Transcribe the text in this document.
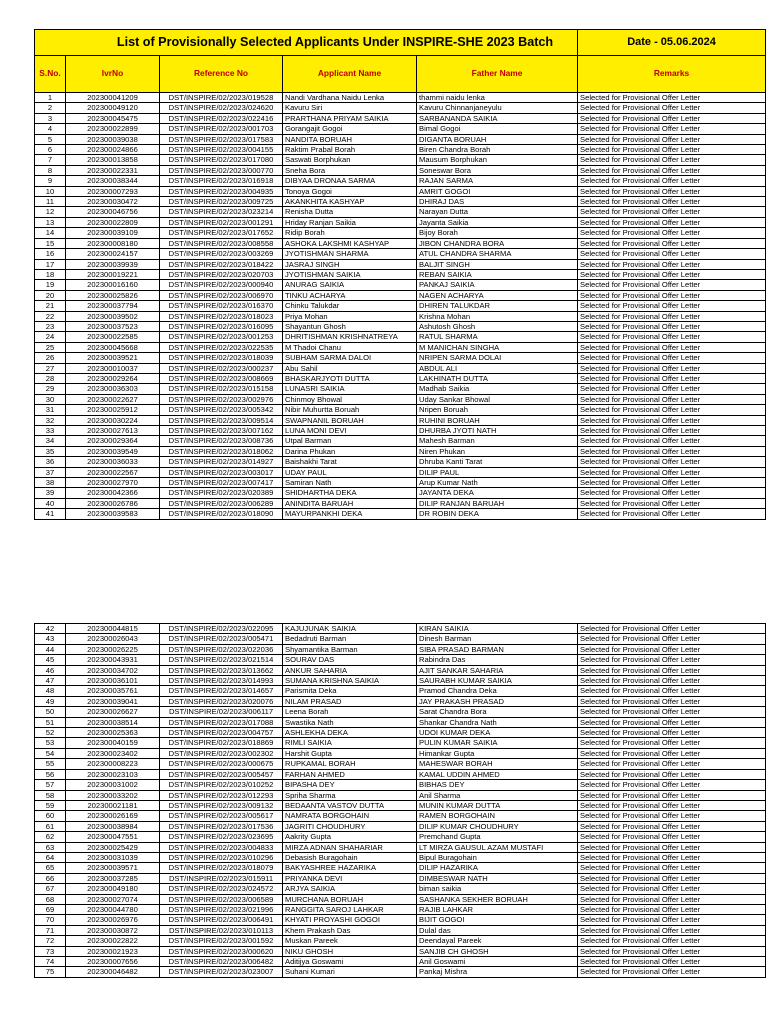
List of Provisionally Selected Applicants Under INSPIRE-SHE 2023 Batch					Date - 05.06.2024
S.No.	IvrNo	Reference No	Applicant Name	Father Name	Remarks
1	202300041209	DST/INSPIRE/02/2023/019528	Nandi Vardhana Naidu Lenka	thammi naidu lenka	Selected for Provisional Offer Letter
2	202300049120	DST/INSPIRE/02/2023/024620	Kavuru Siri	Kavuru Chinnanjaneyulu	Selected for Provisional Offer Letter
3	202300045475	DST/INSPIRE/02/2023/022416	PRARTHANA PRIYAM SAIKIA	SARBANANDA SAIKIA	Selected for Provisional Offer Letter
4	202300022899	DST/INSPIRE/02/2023/001703	Gorangajit Gogoi	Bimal Gogoi	Selected for Provisional Offer Letter
5	202300039038	DST/INSPIRE/02/2023/017583	NANDITA BORUAH	DIGANTA BORUAH	Selected for Provisional Offer Letter
6	202300024866	DST/INSPIRE/02/2023/004155	Raktim Prabal Borah	Biren Chandra Borah	Selected for Provisional Offer Letter
7	202300013858	DST/INSPIRE/02/2023/017080	Saswati Borphukan	Mausum Borphukan	Selected for Provisional Offer Letter
8	202300022331	DST/INSPIRE/02/2023/000770	Sneha Bora	Soneswar Bora	Selected for Provisional Offer Letter
9	202300038344	DST/INSPIRE/02/2023/016918	DIBYAA DRONAA SARMA	RAJAN SARMA	Selected for Provisional Offer Letter
10	202300007293	DST/INSPIRE/02/2023/004935	Tonoya Gogoi	AMRIT GOGOI	Selected for Provisional Offer Letter
11	202300030472	DST/INSPIRE/02/2023/009725	AKANKHITA KASHYAP	DHIRAJ DAS	Selected for Provisional Offer Letter
12	202300046756	DST/INSPIRE/02/2023/023214	Renisha Dutta	Narayan Dutta	Selected for Provisional Offer Letter
13	202300022809	DST/INSPIRE/02/2023/001291	Hriday Ranjan Saikia	Jayanta Saikia	Selected for Provisional Offer Letter
14	202300039109	DST/INSPIRE/02/2023/017652	Ridip Borah	Bijoy Borah	Selected for Provisional Offer Letter
15	202300008180	DST/INSPIRE/02/2023/008558	ASHOKA LAKSHMI KASHYAP	JIBON CHANDRA BORA	Selected for Provisional Offer Letter
16	202300024157	DST/INSPIRE/02/2023/003269	JYOTISHMAN SHARMA	ATUL CHANDRA SHARMA	Selected for Provisional Offer Letter
17	202300039939	DST/INSPIRE/02/2023/018422	JASRAJ SINGH	BALJIT SINGH	Selected for Provisional Offer Letter
18	202300019221	DST/INSPIRE/02/2023/020703	JYOTISHMAN SAIKIA	REBAN SAIKIA	Selected for Provisional Offer Letter
19	202300016160	DST/INSPIRE/02/2023/000940	ANURAG SAIKIA	PANKAJ SAIKIA	Selected for Provisional Offer Letter
20	202300025826	DST/INSPIRE/02/2023/006970	TINKU ACHARYA	NAGEN ACHARYA	Selected for Provisional Offer Letter
21	202300037794	DST/INSPIRE/02/2023/016370	Chinku Talukdar	DHIREN TALUKDAR	Selected for Provisional Offer Letter
22	202300039502	DST/INSPIRE/02/2023/018023	Priya Mohan	Krishna Mohan	Selected for Provisional Offer Letter
23	202300037523	DST/INSPIRE/02/2023/016095	Shayantun Ghosh	Ashutosh Ghosh	Selected for Provisional Offer Letter
24	202300022585	DST/INSPIRE/02/2023/001253	DHRITISHMAN KRISHNATREYA	RATUL SHARMA	Selected for Provisional Offer Letter
25	202300045668	DST/INSPIRE/02/2023/022535	M Thadoi Chanu	M MANICHAN SINGHA	Selected for Provisional Offer Letter
26	202300039521	DST/INSPIRE/02/2023/018039	SUBHAM SARMA DALOI	NRIPEN SARMA DOLAI	Selected for Provisional Offer Letter
27	202300010037	DST/INSPIRE/02/2023/000237	Abu Sahil	ABDUL ALI	Selected for Provisional Offer Letter
28	202300029264	DST/INSPIRE/02/2023/008669	BHASKARJYOTI DUTTA	LAKHINATH DUTTA	Selected for Provisional Offer Letter
29	202300036303	DST/INSPIRE/02/2023/015158	LUNASRI SAIKIA	Madhab Saikia	Selected for Provisional Offer Letter
30	202300022627	DST/INSPIRE/02/2023/002976	Chinmoy Bhowal	Uday Sankar Bhowal	Selected for Provisional Offer Letter
31	202300025912	DST/INSPIRE/02/2023/005342	Nibir Muhurtta Boruah	Nripen Boruah	Selected for Provisional Offer Letter
32	202300030224	DST/INSPIRE/02/2023/009514	SWAPNANIL BORUAH	RUHINI BORUAH	Selected for Provisional Offer Letter
33	202300027613	DST/INSPIRE/02/2023/007162	LUNA MONI DEVI	DHURBA JYOTI NATH	Selected for Provisional Offer Letter
34	202300029364	DST/INSPIRE/02/2023/008736	Utpal Barman	Mahesh Barman	Selected for Provisional Offer Letter
35	202300039549	DST/INSPIRE/02/2023/018062	Darina Phukan	Niren Phukan	Selected for Provisional Offer Letter
36	202300036033	DST/INSPIRE/02/2023/014927	Baishakhi Tarat	Dhruba Kanti Tarat	Selected for Provisional Offer Letter
37	202300022567	DST/INSPIRE/02/2023/003017	UDAY PAUL	DILIP PAUL	Selected for Provisional Offer Letter
38	202300027970	DST/INSPIRE/02/2023/007417	Samiran Nath	Arup Kumar Nath	Selected for Provisional Offer Letter
39	202300042366	DST/INSPIRE/02/2023/020389	SHIDHARTHA DEKA	JAYANTA DEKA	Selected for Provisional Offer Letter
40	202300026786	DST/INSPIRE/02/2023/006289	ANINDITA BARUAH	DILIP RANJAN BARUAH	Selected for Provisional Offer Letter
41	202300039583	DST/INSPIRE/02/2023/018090	MAYURPANKHI DEKA	DR ROBIN DEKA	Selected for Provisional Offer Letter
42	202300044815	DST/INSPIRE/02/2023/022095	KAJUJUNAK SAIKIA	KIRAN SAIKIA	Selected for Provisional Offer Letter
43	202300026043	DST/INSPIRE/02/2023/005471	Bedadruti Barman	Dinesh Barman	Selected for Provisional Offer Letter
44	202300026225	DST/INSPIRE/02/2023/022036	Shyamantika Barman	SIBA PRASAD BARMAN	Selected for Provisional Offer Letter
45	202300043931	DST/INSPIRE/02/2023/021514	SOURAV DAS	Rabindra Das	Selected for Provisional Offer Letter
46	202300034702	DST/INSPIRE/02/2023/013662	ANKUR SAHARIA	AJIT SANKAR SAHARIA	Selected for Provisional Offer Letter
47	202300036101	DST/INSPIRE/02/2023/014993	SUMANA KRISHNA SAIKIA	SAURABH KUMAR SAIKIA	Selected for Provisional Offer Letter
48	202300035761	DST/INSPIRE/02/2023/014657	Parismita Deka	Pramod Chandra Deka	Selected for Provisional Offer Letter
49	202300039041	DST/INSPIRE/02/2023/020076	NILAM PRASAD	JAY PRAKASH PRASAD	Selected for Provisional Offer Letter
50	202300026627	DST/INSPIRE/02/2023/006117	Leena Borah	Sarat Chandra Bora	Selected for Provisional Offer Letter
51	202300038514	DST/INSPIRE/02/2023/017088	Swastika Nath	Shankar Chandra Nath	Selected for Provisional Offer Letter
52	202300025363	DST/INSPIRE/02/2023/004757	ASHLEKHA DEKA	UDOI KUMAR DEKA	Selected for Provisional Offer Letter
53	202300040159	DST/INSPIRE/02/2023/018869	RIMLI SAIKIA	PULIN KUMAR SAIKIA	Selected for Provisional Offer Letter
54	202300023402	DST/INSPIRE/02/2023/002302	Harshit Gupta	Himankar Gupta	Selected for Provisional Offer Letter
55	202300008223	DST/INSPIRE/02/2023/000675	RUPKAMAL BORAH	MAHESWAR BORAH	Selected for Provisional Offer Letter
56	202300023103	DST/INSPIRE/02/2023/005457	FARHAN AHMED	KAMAL UDDIN AHMED	Selected for Provisional Offer Letter
57	202300031002	DST/INSPIRE/02/2023/010252	BIPASHA DEY	BIBHAS DEY	Selected for Provisional Offer Letter
58	202300033202	DST/INSPIRE/02/2023/012293	Spriha Sharma	Anil Sharma	Selected for Provisional Offer Letter
59	202300021181	DST/INSPIRE/02/2023/009132	BEDAANTA VASTOV DUTTA	MUNIN KUMAR DUTTA	Selected for Provisional Offer Letter
60	202300026169	DST/INSPIRE/02/2023/005617	NAMRATA BORGOHAIN	RAMEN BORGOHAIN	Selected for Provisional Offer Letter
61	202300038984	DST/INSPIRE/02/2023/017536	JAGRITI CHOUDHURY	DILIP KUMAR CHOUDHURY	Selected for Provisional Offer Letter
62	202300047551	DST/INSPIRE/02/2023/023695	Aakrity Gupta	Premchand Gupta	Selected for Provisional Offer Letter
63	202300025429	DST/INSPIRE/02/2023/004833	MIRZA ADNAN SHAHARIAR	LT MIRZA GAUSUL AZAM MUSTAFI	Selected for Provisional Offer Letter
64	202300031039	DST/INSPIRE/02/2023/010296	Debasish Buragohain	Bipul Buragohain	Selected for Provisional Offer Letter
65	202300039571	DST/INSPIRE/02/2023/018079	BAKYASHREE HAZARIKA	DILIP HAZARIKA	Selected for Provisional Offer Letter
66	202300037285	DST/INSPIRE/02/2023/015911	PRIYANKA DEVI	DIMBESWAR NATH	Selected for Provisional Offer Letter
67	202300049180	DST/INSPIRE/02/2023/024572	ARJYA SAIKIA	biman saikia	Selected for Provisional Offer Letter
68	202300027074	DST/INSPIRE/02/2023/006589	MURCHANA BORUAH	SASHANKA SEKHER BORUAH	Selected for Provisional Offer Letter
69	202300044780	DST/INSPIRE/02/2023/021996	RANGGITA SAROJ LAHKAR	RAJIB LAHKAR	Selected for Provisional Offer Letter
70	202300026976	DST/INSPIRE/02/2023/006491	KHYATI PROYASHI GOGOI	BIJIT GOGOI	Selected for Provisional Offer Letter
71	202300030872	DST/INSPIRE/02/2023/010113	Khem Prakash Das	Dulal das	Selected for Provisional Offer Letter
72	202300022822	DST/INSPIRE/02/2023/001592	Muskan Pareek	Deendayal Pareek	Selected for Provisional Offer Letter
73	202300021923	DST/INSPIRE/02/2023/000620	NIKU GHOSH	SANJIB CH GHOSH	Selected for Provisional Offer Letter
74	202300007656	DST/INSPIRE/02/2023/006482	Aditijya Goswami	Anil Goswami	Selected for Provisional Offer Letter
75	202300046482	DST/INSPIRE/02/2023/023007	Suhani Kumari	Pankaj Mishra	Selected for Provisional Offer Letter
